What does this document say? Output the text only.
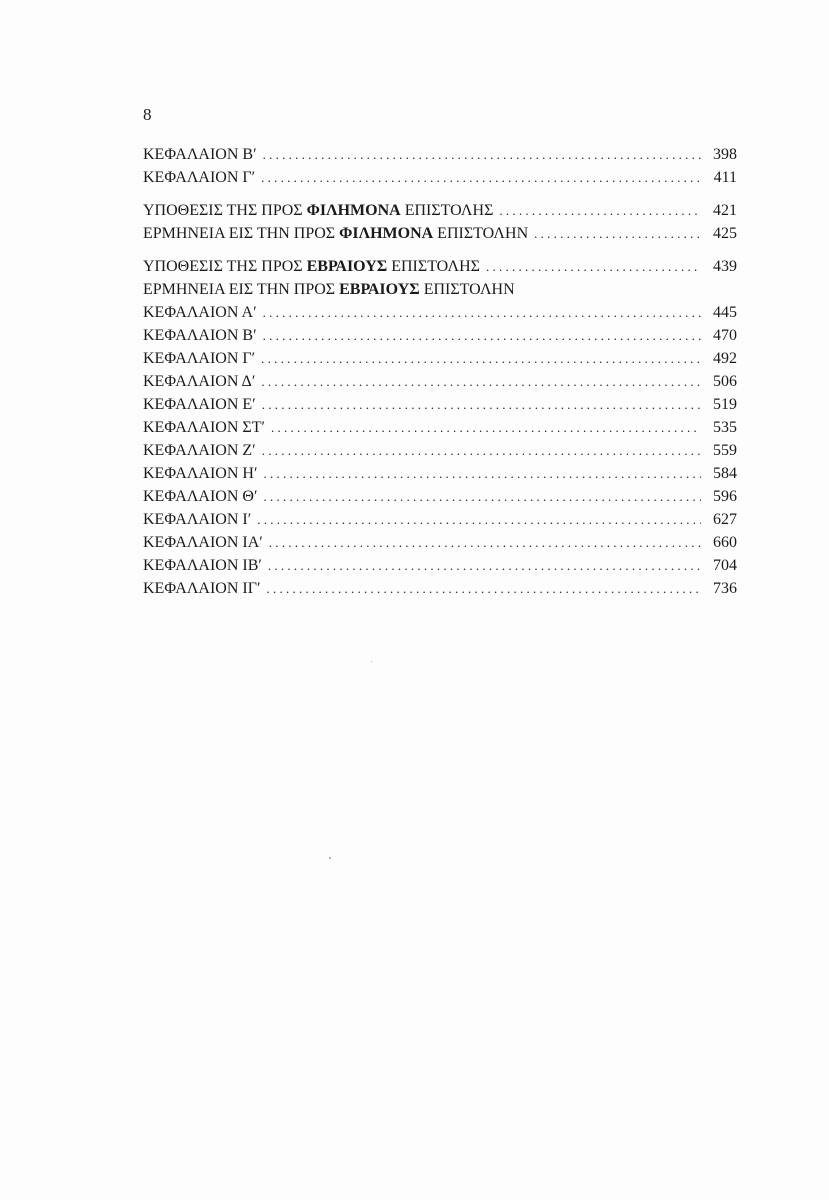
8
ΚΕΦΑΛΑΙΟΝ Β′ . . .	398
ΚΕΦΑΛΑΙΟΝ Γ′ . . .	411
ΥΠΟΘΕΣΙΣ ΤΗΣ ΠΡΟΣ ΦΙΛΗΜΟΝΑ ΕΠΙΣΤΟΛΗΣ . . .	421
ΕΡΜΗΝΕΙΑ ΕΙΣ ΤΗΝ ΠΡΟΣ ΦΙΛΗΜΟΝΑ ΕΠΙΣΤΟΛΗΝ . . .	425
ΥΠΟΘΕΣΙΣ ΤΗΣ ΠΡΟΣ ΕΒΡΑΙΟΥΣ ΕΠΙΣΤΟΛΗΣ . . .	439
ΕΡΜΗΝΕΙΑ ΕΙΣ ΤΗΝ ΠΡΟΣ ΕΒΡΑΙΟΥΣ ΕΠΙΣΤΟΛΗΝ
ΚΕΦΑΛΑΙΟΝ Α′ . . .	445
ΚΕΦΑΛΑΙΟΝ Β′ . . .	470
ΚΕΦΑΛΑΙΟΝ Γ′ . . .	492
ΚΕΦΑΛΑΙΟΝ Δ′ . . .	506
ΚΕΦΑΛΑΙΟΝ Ε′ . . .	519
ΚΕΦΑΛΑΙΟΝ ΣΤ′ . . .	535
ΚΕΦΑΛΑΙΟΝ Ζ′ . . .	559
ΚΕΦΑΛΑΙΟΝ Η′ . . .	584
ΚΕΦΑΛΑΙΟΝ Θ′ . . .	596
ΚΕΦΑΛΑΙΟΝ Ι′ . . .	627
ΚΕΦΑΛΑΙΟΝ ΙΑ′ . . .	660
ΚΕΦΑΛΑΙΟΝ ΙΒ′ . . .	704
ΚΕΦΑΛΑΙΟΝ ΙΓ′ . . .	736
